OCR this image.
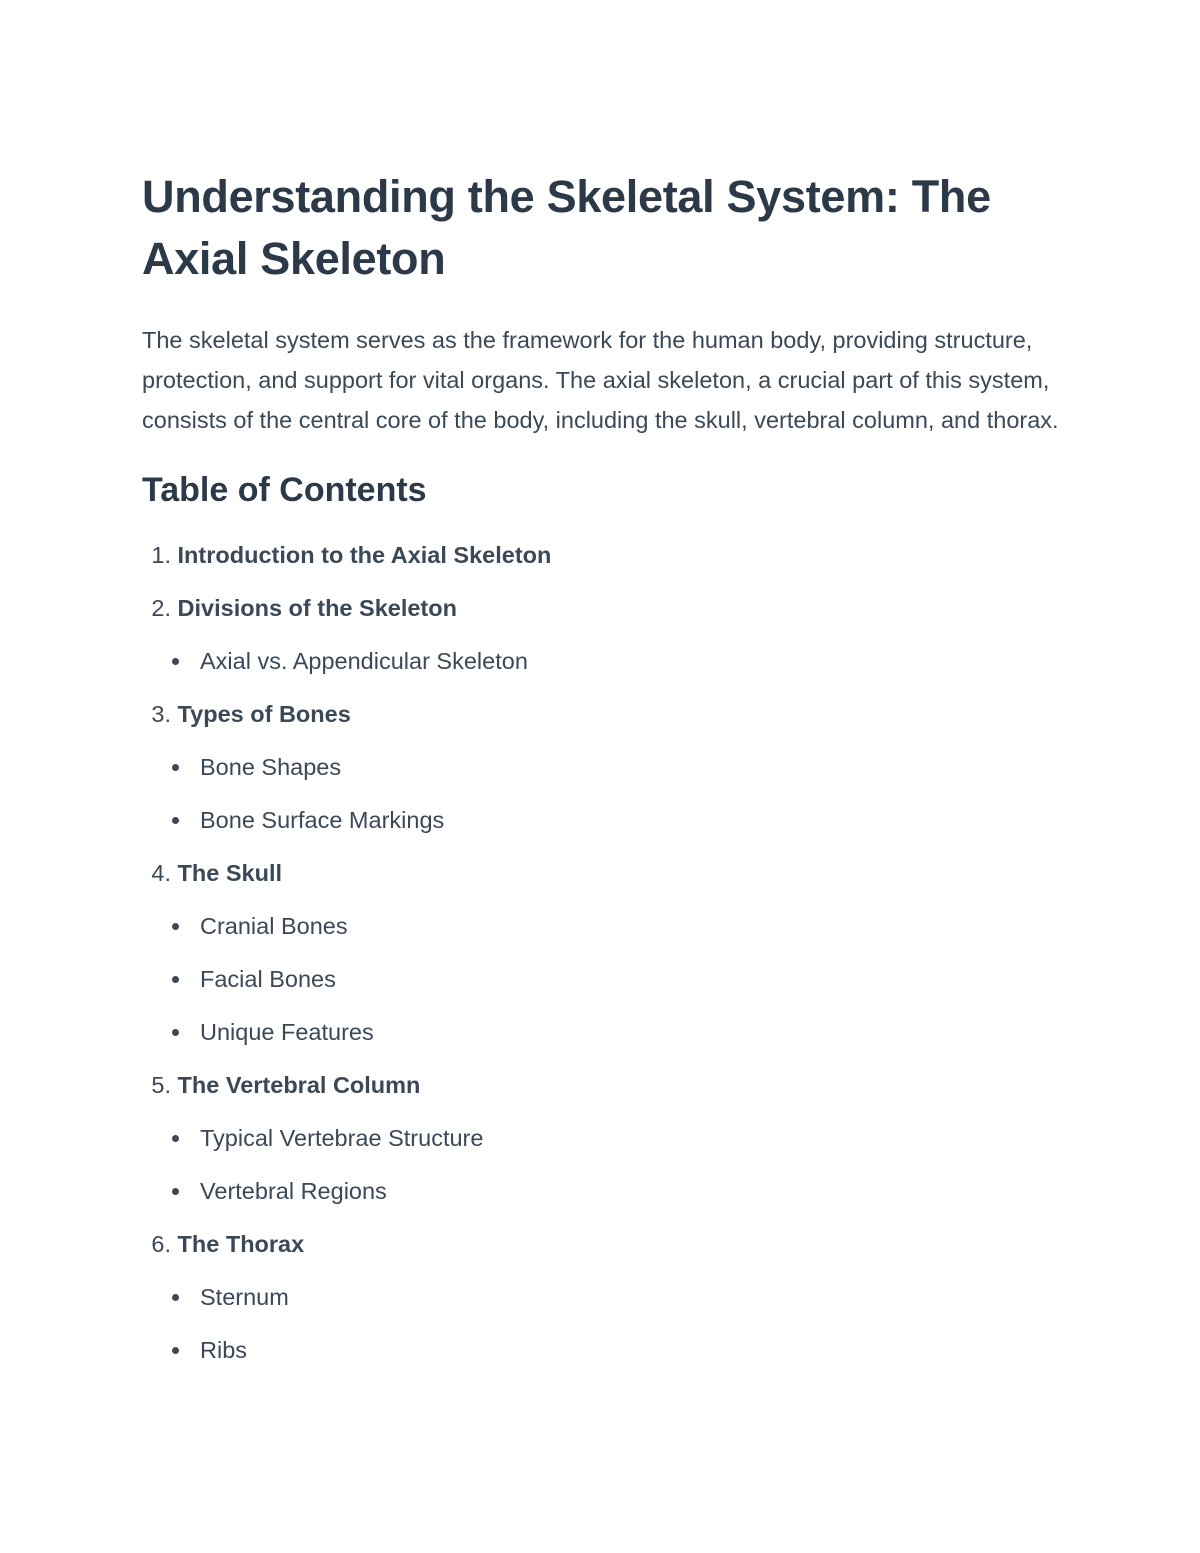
Understanding the Skeletal System: The Axial Skeleton

The skeletal system serves as the framework for the human body, providing structure, protection, and support for vital organs. The axial skeleton, a crucial part of this system, consists of the central core of the body, including the skull, vertebral column, and thorax.

Table of Contents
1.
Introduction to the Axial Skeleton
2.
Divisions of the Skeleton
Axial vs. Appendicular Skeleton
3.
Types of Bones
Bone Shapes
Bone Surface Markings
4.
The Skull
Cranial Bones
Facial Bones
Unique Features
5.
The Vertebral Column
Typical Vertebrae Structure
Vertebral Regions
6.
The Thorax
Sternum
Ribs
